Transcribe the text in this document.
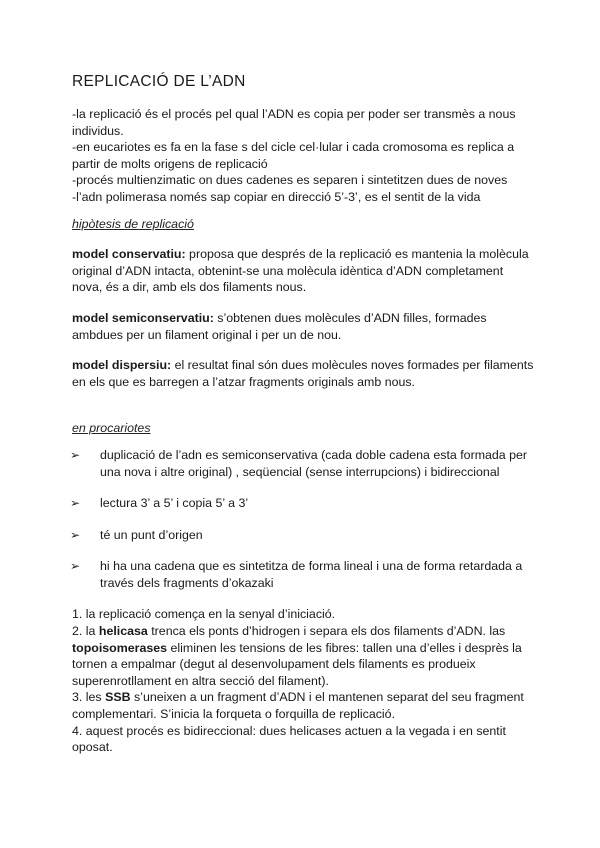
REPLICACIÓ DE L’ADN

-la replicació és el procés pel qual l’ADN es copia per poder ser transmès a nous individus.

-en eucariotes es fa en la fase s del cicle cel·lular i cada cromosoma es replica a partir de molts origens de replicació

-procés multienzimatic on dues cadenes es separen i sintetitzen dues de noves

-l’adn polimerasa només sap copiar en direcció 5’-3’, es el sentit de la vida

hipòtesis de replicació

model conservatiu: proposa que després de la replicació es mantenia la molècula original d’ADN intacta, obtenint-se una molècula idèntica d’ADN completament nova, és a dir, amb els dos filaments nous.

model semiconservatiu: s’obtenen dues molècules d’ADN filles, formades ambdues per un filament original i per un de nou.

model dispersiu: el resultat final són dues molècules noves formades per filaments en els que es barregen a l’atzar fragments originals amb nous.

en procariotes
➢ duplicació de l’adn es semiconservativa (cada doble cadena esta formada per una nova i altre original) , seqüencial (sense interrupcions) i bidireccional
➢ lectura 3’ a 5’ i copia 5’ a 3’
➢ té un punt d’origen
➢ hi ha una cadena que es sintetitza de forma lineal i una de forma retardada a través dels fragments d’okazaki

1. la replicació comença en la senyal d’iniciació.

2. la helicasa trenca els ponts d’hidrogen i separa els dos filaments d’ADN. las topoisomerases eliminen les tensions de les fibres: tallen una d’elles i desprès la tornen a empalmar (degut al desenvolupament dels filaments es produeix superenrotllament en altra secció del filament).

3. les SSB s’uneixen a un fragment d’ADN i el mantenen separat del seu fragment complementari. S’inicia la forqueta o forquilla de replicació.

4. aquest procés es bidireccional: dues helicases actuen a la vegada i en sentit oposat.
